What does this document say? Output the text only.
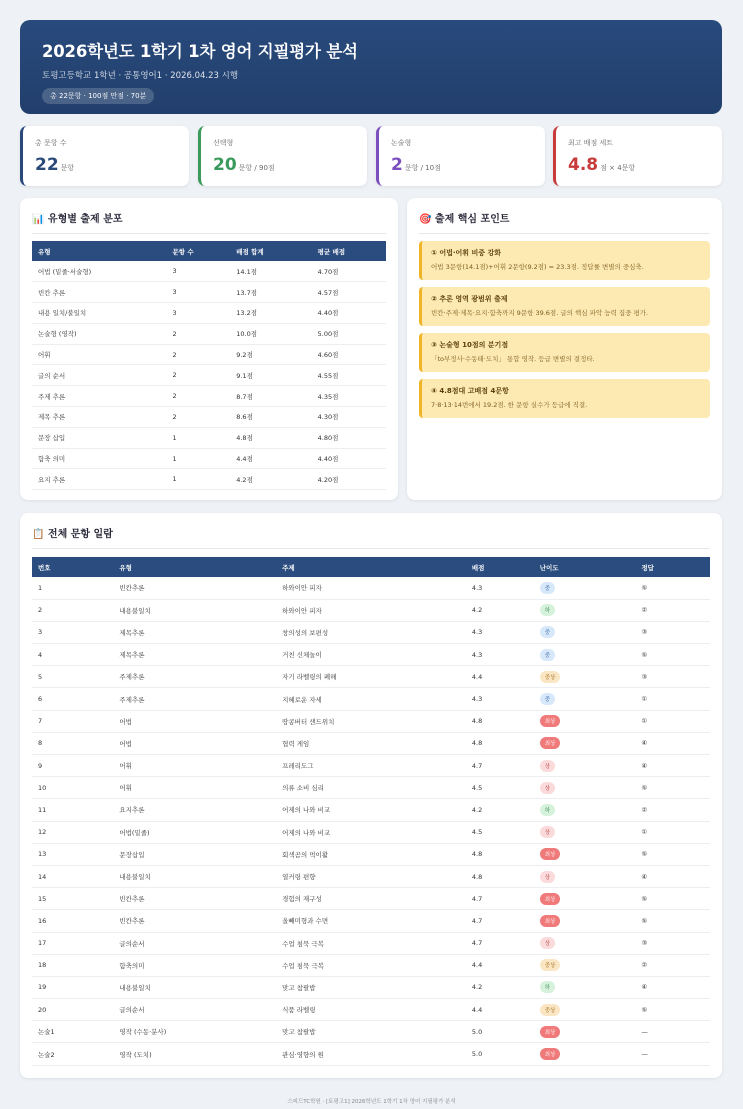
2026학년도 1학기 1차 영어 지필평가 분석
토평고등학교 1학년 · 공통영어1 · 2026.04.23 시행
총 22문항 · 100점 만점 · 70분
총 문항 수
22 문항
선택형
20 문항 / 90점
논술형
2 문항 / 10점
최고 배점 세트
4.8 점 × 4문항
📊 유형별 출제 분포
유형	문항 수	배점 합계	평균 배점
어법 (밑줄·서술형)	3	14.1점	4.70점
빈칸 추론	3	13.7점	4.57점
내용 일치/불일치	3	13.2점	4.40점
논술형 (영작)	2	10.0점	5.00점
어휘	2	9.2점	4.60점
글의 순서	2	9.1점	4.55점
주제 추론	2	8.7점	4.35점
제목 추론	2	8.6점	4.30점
문장 삽입	1	4.8점	4.80점
함축 의미	1	4.4점	4.40점
요지 추론	1	4.2점	4.20점
🎯 출제 핵심 포인트
① 어법·어휘 비중 강화
어법 3문항(14.1점)+어휘 2문항(9.2점) = 23.3점. 정답률 변별의 중심축.
② 추론 영역 광범위 출제
빈칸·주제·제목·요지·함축까지 9문항 39.6점. 글의 핵심 파악 능력 집중 평가.
③ 논술형 10점의 분기점
「to부정사·수동태·도치」 통합 영작. 등급 변별의 결정타.
④ 4.8점대 고배점 4문항
7·8·13·14번에서 19.2점. 한 문항 실수가 등급에 직결.
📋 전체 문항 일람
번호	유형	주제	배점	난이도	정답
1	빈칸추론	하와이안 피자	4.3	중	⑤
2	내용불일치	하와이안 피자	4.2	하	②
3	제목추론	창의성의 보편성	4.3	중	③
4	제목추론	거친 신체놀이	4.3	중	⑤
5	주제추론	자기 라벨링의 폐해	4.4	중상	③
6	주제추론	지혜로운 자세	4.3	중	①
7	어법	땅콩버터 샌드위치	4.8	최상	①
8	어법	협력 게임	4.8	최상	④
9	어휘	프레리도그	4.7	상	④
10	어휘	의류 소비 심리	4.5	상	⑤
11	요지추론	어제의 나와 비교	4.2	하	②
12	어법(밑줄)	어제의 나와 비교	4.5	상	①
13	문장삽입	회색곰의 먹이활	4.8	최상	⑤
14	내용불일치	열커링 편향	4.8	상	④
15	빈칸추론	경험의 재구성	4.7	최상	⑤
16	빈칸추론	올빼미형과 수면	4.7	최상	⑤
17	글의순서	수업 침묵 극복	4.7	상	③
18	함축의미	수업 침묵 극복	4.4	중상	②
19	내용불일치	맞고 참팔밥	4.2	하	④
20	글의순서	식품 라벨링	4.4	중상	⑤
논술1	영작 (수동·분사)	맞고 참팔밥	5.0	최상	—
논술2	영작 (도치)	관심·영향의 원	5.0	최상	—
스피드TC학원 · [토평고1] 2026학년도 1학기 1차 영어 지필평가 분석
